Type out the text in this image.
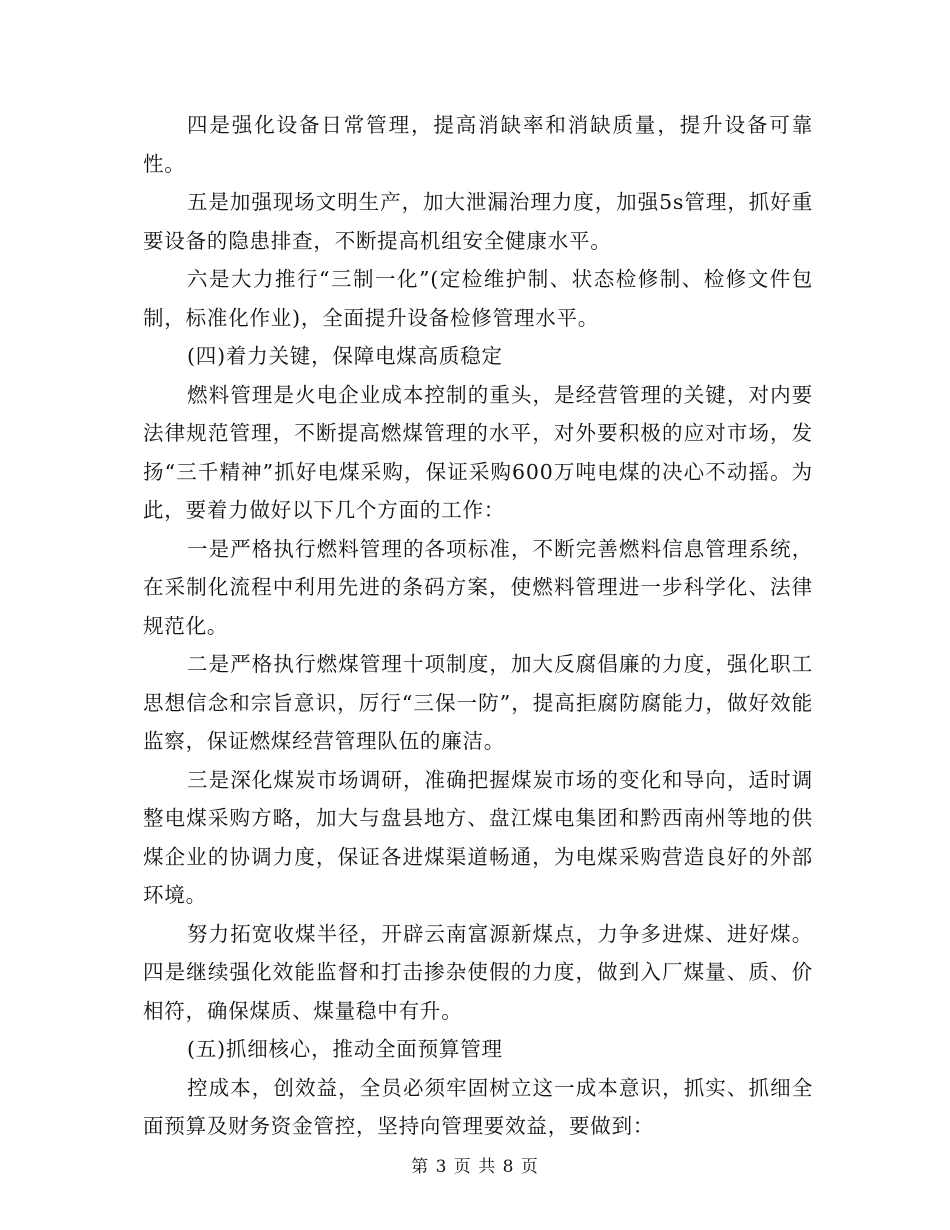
四是强化设备日常管理，提高消缺率和消缺质量，提升设备可靠性。

五是加强现场文明生产，加大泄漏治理力度，加强5s管理，抓好重要设备的隐患排查，不断提高机组安全健康水平。

六是大力推行“三制一化”(定检维护制、状态检修制、检修文件包制，标准化作业)，全面提升设备检修管理水平。

(四)着力关键，保障电煤高质稳定

燃料管理是火电企业成本控制的重头，是经营管理的关键，对内要法律规范管理，不断提高燃煤管理的水平，对外要积极的应对市场，发扬“三千精神”抓好电煤采购，保证采购600万吨电煤的决心不动摇。为此，要着力做好以下几个方面的工作：

一是严格执行燃料管理的各项标准，不断完善燃料信息管理系统，在采制化流程中利用先进的条码方案，使燃料管理进一步科学化、法律规范化。

二是严格执行燃煤管理十项制度，加大反腐倡廉的力度，强化职工思想信念和宗旨意识，厉行“三保一防”，提高拒腐防腐能力，做好效能监察，保证燃煤经营管理队伍的廉洁。

三是深化煤炭市场调研，准确把握煤炭市场的变化和导向，适时调整电煤采购方略，加大与盘县地方、盘江煤电集团和黔西南州等地的供煤企业的协调力度，保证各进煤渠道畅通，为电煤采购营造良好的外部环境。

努力拓宽收煤半径，开辟云南富源新煤点，力争多进煤、进好煤。四是继续强化效能监督和打击掺杂使假的力度，做到入厂煤量、质、价相符，确保煤质、煤量稳中有升。

(五)抓细核心，推动全面预算管理

控成本，创效益，全员必须牢固树立这一成本意识，抓实、抓细全面预算及财务资金管控，坚持向管理要效益，要做到：

第 3 页 共 8 页
